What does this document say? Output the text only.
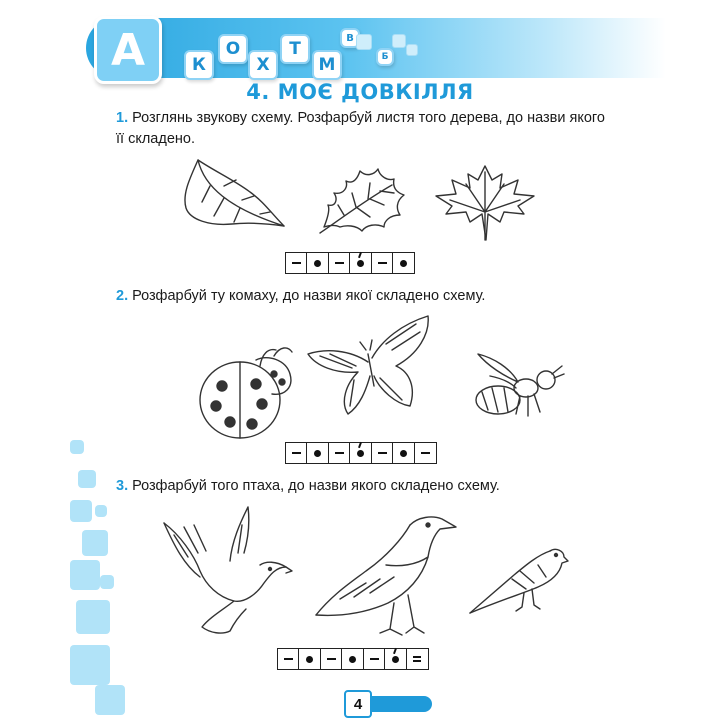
А	К
О
Х
Т
М
В
Б
4. МОЄ ДОВКІЛЛЯ
1. Розглянь звукову схему. Розфарбуй листя того дерева, до назви якого її складено.
2. Розфарбуй ту комаху, до назви якої складено схему.
3. Розфарбуй того птаха, до назви якого складено схему.
4
